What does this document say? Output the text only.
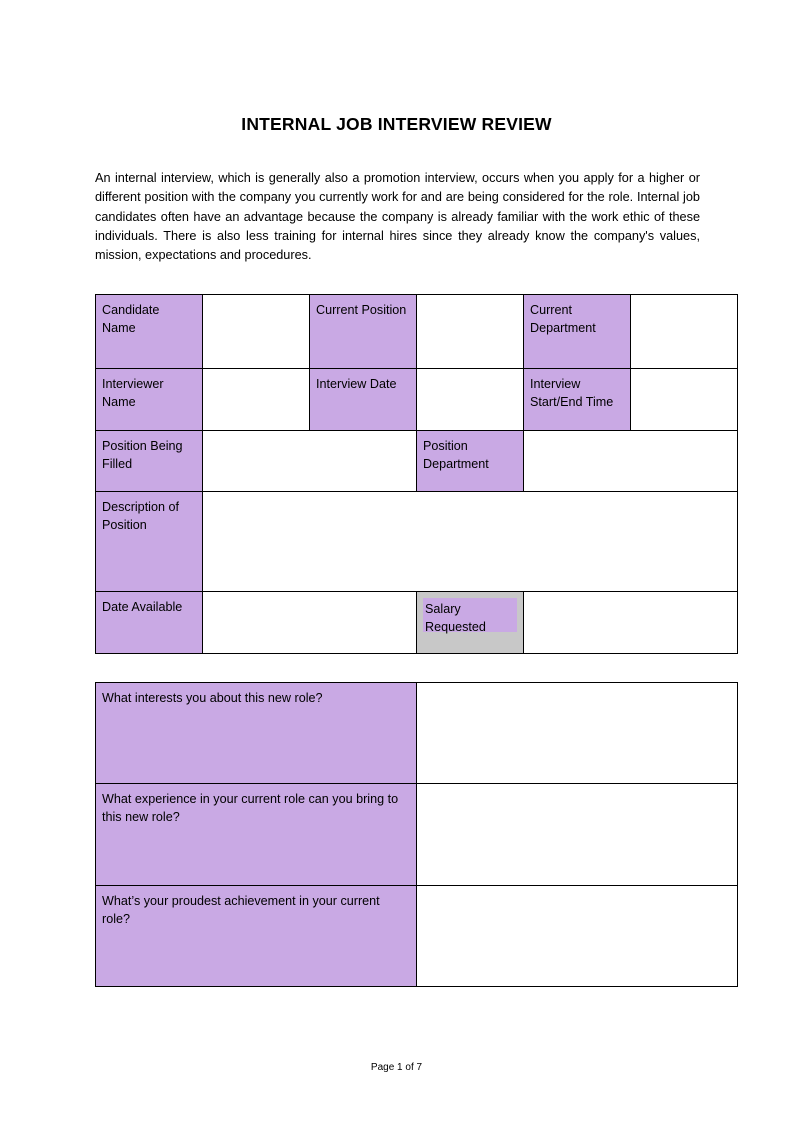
INTERNAL JOB INTERVIEW REVIEW
An internal interview, which is generally also a promotion interview, occurs when you apply for a higher or different position with the company you currently work for and are being considered for the role. Internal job candidates often have an advantage because the company is already familiar with the work ethic of these individuals. There is also less training for internal hires since they already know the company's values, mission, expectations and procedures.
Candidate Name		Current Position		Current Department	
Interviewer Name		Interview Date		Interview Start/End Time	
Position Being Filled			Position Department		
Description of Position					
Date Available			Salary Requested		

What interests you about this new role?	
What experience in your current role can you bring to this new role?	
What’s your proudest achievement in your current role?	
Page 1 of 7
